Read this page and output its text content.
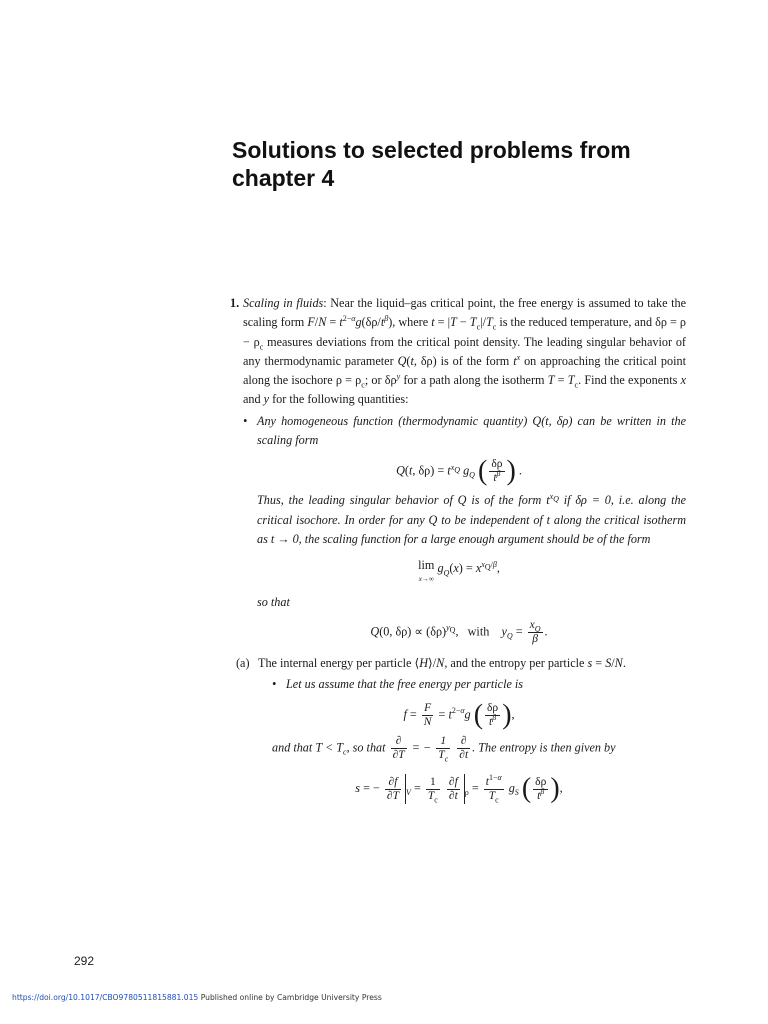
Solutions to selected problems from chapter 4
1. Scaling in fluids: Near the liquid–gas critical point, the free energy is assumed to take the scaling form $F/N = t^{2-\alpha}g(\delta\rho/t^\beta)$, where $t = |T - T_c|/T_c$ is the reduced temperature, and $\delta\rho = \rho - \rho_c$ measures deviations from the critical point density. The leading singular behavior of any thermodynamic parameter Q(t, δρ) is of the form $t^x$ on approaching the critical point along the isochore $\rho = \rho_c$; or $\delta\rho^y$ for a path along the isotherm $T = T_c$. Find the exponents x and y for the following quantities:
• Any homogeneous function (thermodynamic quantity) Q(t, δρ) can be written in the scaling form
Q(t, $\delta\rho) = t^{x_Q}$ $g_Q$ ( $\frac{\delta\rho}{t^\beta}$ ) .
Thus, the leading singular behavior of Q is of the form $t^{x_Q}$ if δρ = 0, i.e. along the critical isochore. In order for any Q to be independent of t along the critical isotherm as t → 0, the scaling function for a large enough argument should be of the form
lim
x→∞ $g_Q(x) = x^{x_Q/\beta}$,
so that
Q(0, $\delta\rho) \propto (\delta\rho)^{y_Q}$,   with $y_Q = \frac{x_Q}{\beta}$ .
(a) The internal energy per particle ⟨H⟩/N, and the entropy per particle s = S/N.
• Let us assume that the free energy per particle is
$f = \frac{F}{N} = t^{2-\alpha}g$ ( $\frac{\delta\rho}{t^\beta}$ ),
and that $T < T_c$, so that $\frac{\partial}{\partial T}$ = − $\frac{1}{T_c}$
$\frac{\partial}{\partial t}$ . The entropy is then given by
s = − $\frac{\partial f}{\partial T} _V = \frac{1}{T_c}$
$\frac{\partial f}{\partial t} _\rho = \frac{t^{1-\alpha}}{T_c} g_S$ ( $\frac{\delta\rho}{t^\beta}$ ),
292
https://doi.org/10.1017/CBO9780511815881.015 Published online by Cambridge University Press
